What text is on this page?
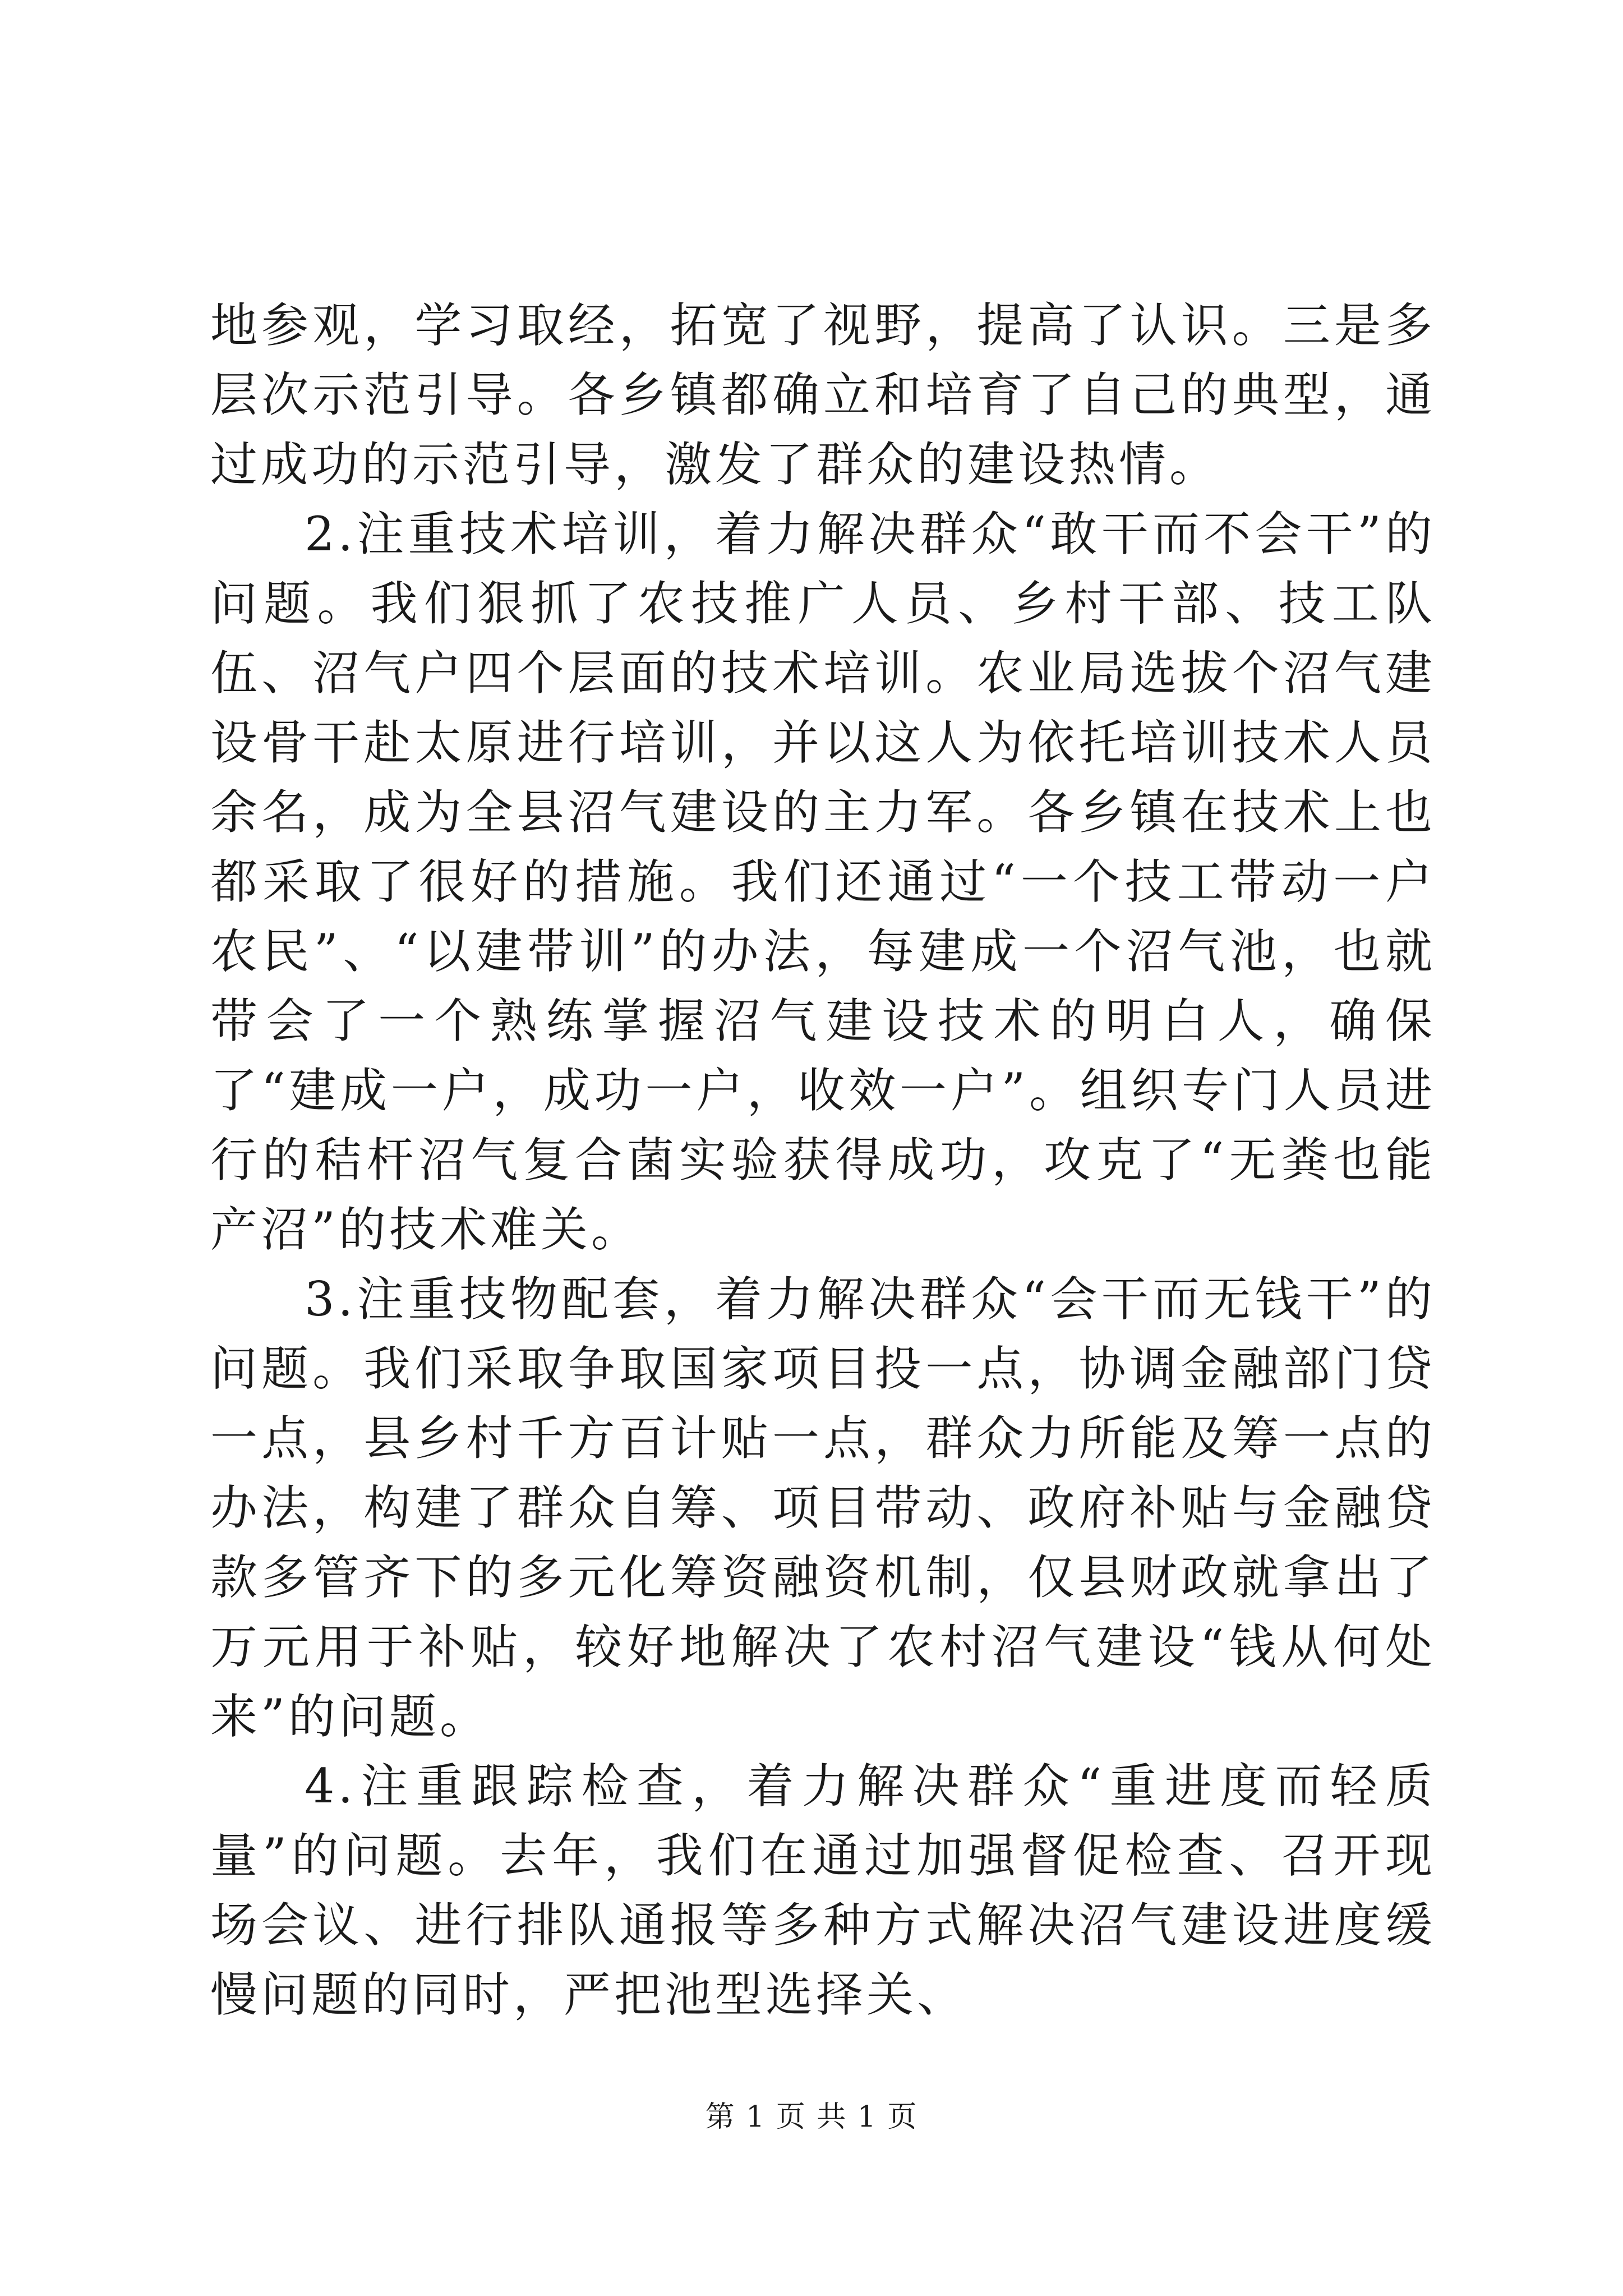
地参观，学习取经，拓宽了视野，提高了认识。三是多层次示范引导。各乡镇都确立和培育了自己的典型，通过成功的示范引导，激发了群众的建设热情。

2.注重技术培训，着力解决群众“敢干而不会干”的问题。我们狠抓了农技推广人员、乡村干部、技工队伍、沼气户四个层面的技术培训。农业局选拔个沼气建设骨干赴太原进行培训，并以这人为依托培训技术人员余名，成为全县沼气建设的主力军。各乡镇在技术上也都采取了很好的措施。我们还通过“一个技工带动一户农民”、“以建带训”的办法，每建成一个沼气池，也就带会了一个熟练掌握沼气建设技术的明白人，确保了“建成一户，成功一户，收效一户”。组织专门人员进行的秸杆沼气复合菌实验获得成功，攻克了“无粪也能产沼”的技术难关。

3.注重技物配套，着力解决群众“会干而无钱干”的问题。我们采取争取国家项目投一点，协调金融部门贷一点，县乡村千方百计贴一点，群众力所能及筹一点的办法，构建了群众自筹、项目带动、政府补贴与金融贷款多管齐下的多元化筹资融资机制，仅县财政就拿出了万元用于补贴，较好地解决了农村沼气建设“钱从何处来”的问题。

4.注重跟踪检查，着力解决群众“重进度而轻质量”的问题。去年，我们在通过加强督促检查、召开现场会议、进行排队通报等多种方式解决沼气建设进度缓慢问题的同时，严把池型选择关、

第 1 页 共 1 页
